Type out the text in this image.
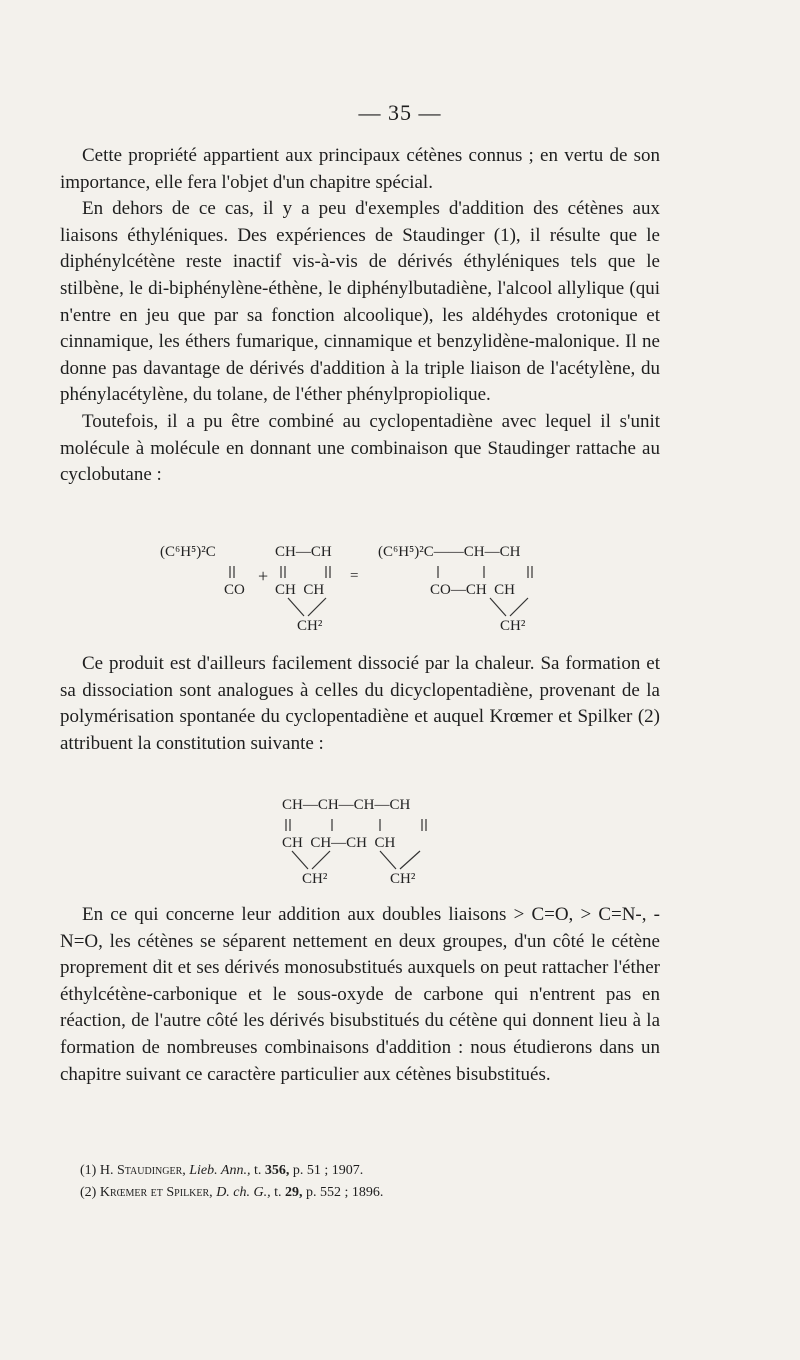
— 35 —

Cette propriété appartient aux principaux cétènes connus ; en vertu de son importance, elle fera l'objet d'un chapitre spécial.

En dehors de ce cas, il y a peu d'exemples d'addition des cétènes aux liaisons éthyléniques. Des expériences de Staudinger (1), il résulte que le diphénylcétène reste inactif vis-à-vis de dérivés éthyléniques tels que le stilbène, le di-biphénylène-éthène, le diphénylbutadiène, l'alcool allylique (qui n'entre en jeu que par sa fonction alcoolique), les aldéhydes crotonique et cinnamique, les éthers fumarique, cinnamique et benzylidène-malonique. Il ne donne pas davantage de dérivés d'addition à la triple liaison de l'acétylène, du phénylacétylène, du tolane, de l'éther phénylpropiolique.

Toutefois, il a pu être combiné au cyclopentadiène avec lequel il s'unit molécule à molécule en donnant une combinaison que Staudinger rattache au cyclobutane :

(C⁶H⁵)²C

CO

+

CH—CH

CH  CH

CH²

=

(C⁶H⁵)²C——CH—CH

CO—CH  CH

CH²

Ce produit est d'ailleurs facilement dissocié par la chaleur. Sa formation et sa dissociation sont analogues à celles du dicyclopentadiène, provenant de la polymérisation spontanée du cyclopentadiène et auquel Krœmer et Spilker (2) attribuent la constitution suivante :

CH—CH—CH—CH

CH  CH—CH  CH

CH²

	CH²

En ce qui concerne leur addition aux doubles liaisons > C=O, > C=N-, -N=O, les cétènes se séparent nettement en deux groupes, d'un côté le cétène proprement dit et ses dérivés monosubstitués auxquels on peut rattacher l'éther éthylcétène-carbonique et le sous-oxyde de carbone qui n'entrent pas en réaction, de l'autre côté les dérivés bisubstitués du cétène qui donnent lieu à la formation de nombreuses combinaisons d'addition : nous étudierons dans un chapitre suivant ce caractère particulier aux cétènes bisubstitués.

(1) H. Staudinger, Lieb. Ann., t. 356, p. 51 ; 1907.
(2) Krœmer et Spilker, D. ch. G., t. 29, p. 552 ; 1896.
